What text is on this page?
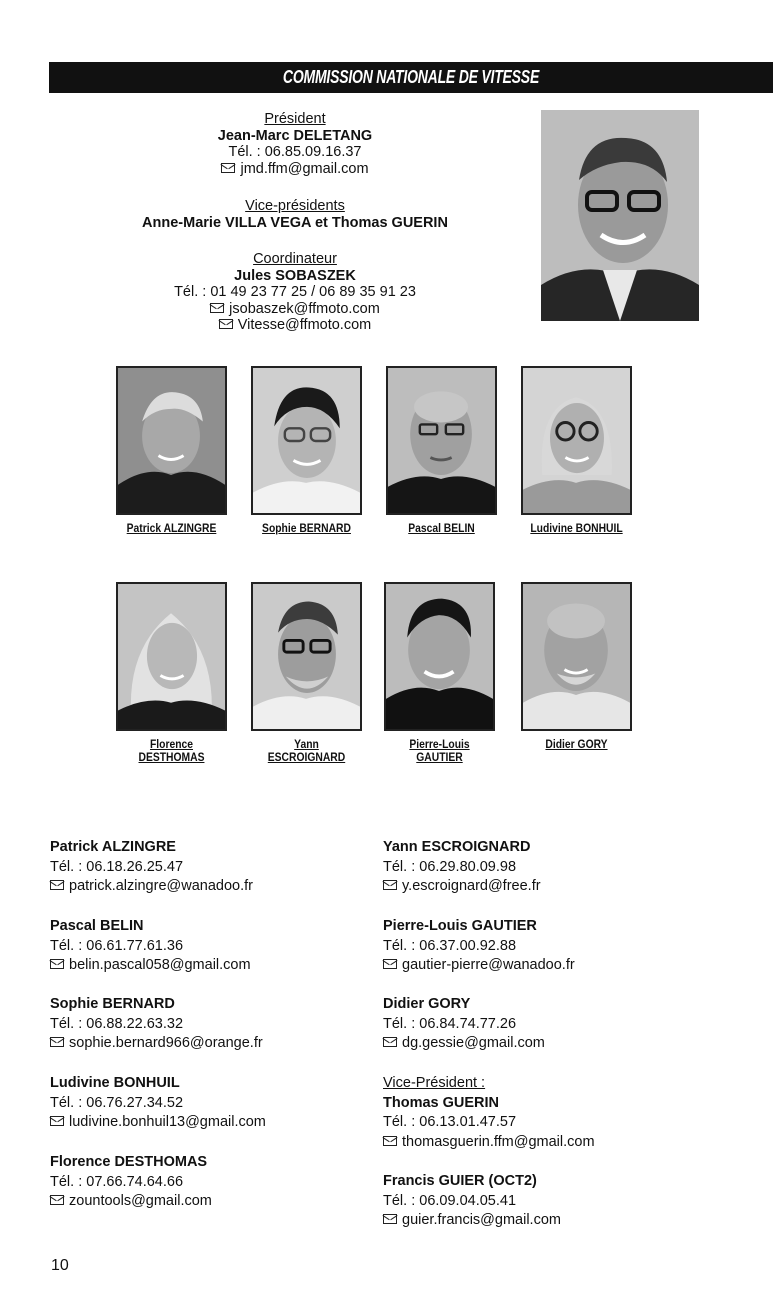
COMMISSION NATIONALE DE VITESSE
Président
Jean-Marc DELETANG
Tél. : 06.85.09.16.37
jmd.ffm@gmail.com
Vice-présidents
Anne-Marie VILLA VEGA et Thomas GUERIN
Coordinateur
Jules SOBASZEK
Tél. : 01 49 23 77 25 / 06 89 35 91 23
jsobaszek@ffmoto.com
Vitesse@ffmoto.com
Patrick ALZINGRE	Sophie BERNARD	Pascal BELIN	Ludivine BONHUIL
Florence
DESTHOMAS
Yann
ESCROIGNARD
Pierre-Louis
GAUTIER
Didier GORY
Patrick ALZINGRE
Tél. : 06.18.26.25.47
patrick.alzingre@wanadoo.fr
Pascal BELIN
Tél. : 06.61.77.61.36
belin.pascal058@gmail.com
Sophie BERNARD
Tél. : 06.88.22.63.32
sophie.bernard966@orange.fr
Ludivine BONHUIL
Tél. : 06.76.27.34.52
ludivine.bonhuil13@gmail.com
Florence DESTHOMAS
Tél. : 07.66.74.64.66
zountools@gmail.com
Yann ESCROIGNARD
Tél. : 06.29.80.09.98
y.escroignard@free.fr
Pierre-Louis GAUTIER
Tél. : 06.37.00.92.88
gautier-pierre@wanadoo.fr
Didier GORY
Tél. : 06.84.74.77.26
dg.gessie@gmail.com
Vice-Président :
Thomas GUERIN
Tél. : 06.13.01.47.57
thomasguerin.ffm@gmail.com
Francis GUIER (OCT2)
Tél. : 06.09.04.05.41
guier.francis@gmail.com
10
